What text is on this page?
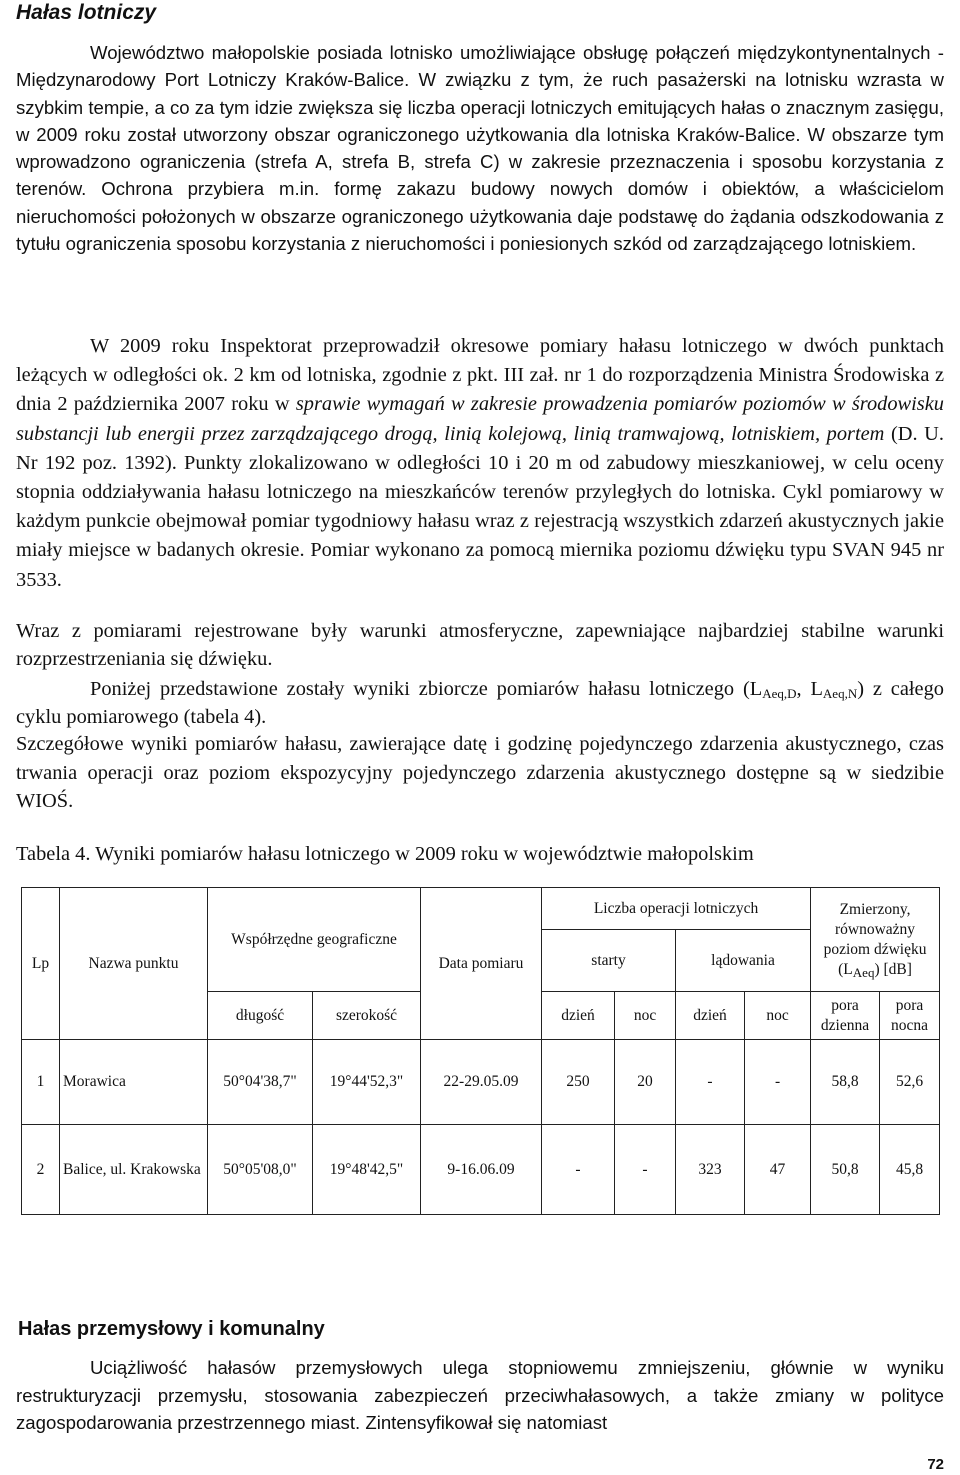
Hałas lotniczy

Województwo małopolskie posiada lotnisko umożliwiające obsługę połączeń międzykontynentalnych - Międzynarodowy Port Lotniczy Kraków-Balice. W związku z tym, że ruch pasażerski na lotnisku wzrasta w szybkim tempie, a co za tym idzie zwiększa się liczba operacji lotniczych emitujących hałas o znacznym zasięgu, w 2009 roku został utworzony obszar ograniczonego użytkowania dla lotniska Kraków-Balice. W obszarze tym wprowadzono ograniczenia (strefa A, strefa B, strefa C) w zakresie przeznaczenia i sposobu korzystania z terenów. Ochrona przybiera m.in. formę zakazu budowy nowych domów i obiektów, a właścicielom nieruchomości położonych w obszarze ograniczonego użytkowania daje podstawę do żądania odszkodowania z tytułu ograniczenia sposobu korzystania z nieruchomości i poniesionych szkód od zarządzającego lotniskiem.

W 2009 roku Inspektorat przeprowadził okresowe pomiary hałasu lotniczego w dwóch punktach leżących w odległości ok. 2 km od lotniska, zgodnie z pkt. III zał. nr 1 do rozporządzenia Ministra Środowiska z dnia 2 października 2007 roku w sprawie wymagań w zakresie prowadzenia pomiarów poziomów w środowisku substancji lub energii przez zarządzającego drogą, linią kolejową, linią tramwajową, lotniskiem, portem (D. U. Nr 192 poz. 1392). Punkty zlokalizowano w odległości 10 i 20 m od zabudowy mieszkaniowej, w celu oceny stopnia oddziaływania hałasu lotniczego na mieszkańców terenów przyległych do lotniska. Cykl pomiarowy w każdym punkcie obejmował pomiar tygodniowy hałasu wraz z rejestracją wszystkich zdarzeń akustycznych jakie miały miejsce w badanych okresie. Pomiar wykonano za pomocą miernika poziomu dźwięku typu SVAN 945 nr 3533.

Wraz z pomiarami rejestrowane były warunki atmosferyczne, zapewniające najbardziej stabilne warunki rozprzestrzeniania się dźwięku.

Poniżej przedstawione zostały wyniki zbiorcze pomiarów hałasu lotniczego ($L_{Aeq,D}$, $L_{Aeq,N}$) z całego cyklu pomiarowego (tabela 4).

Szczegółowe wyniki pomiarów hałasu, zawierające datę i godzinę pojedynczego zdarzenia akustycznego, czas trwania operacji oraz poziom ekspozycyjny pojedynczego zdarzenia akustycznego dostępne są w siedzibie WIOŚ.

Tabela 4. Wyniki pomiarów hałasu lotniczego w 2009 roku w województwie małopolskim

Lp	Nazwa punktu	Współrzędne geograficzne		Data pomiaru	Liczba operacji lotniczych				Zmierzony, równoważny poziom dźwięku $(L_{Aeq})$ [dB]	
					starty		lądowania			
		długość	szerokość		dzień	noc	dzień	noc	pora dzienna	pora nocna
1	Morawica	50°04'38,7"	19°44'52,3"	22-29.05.09	250	20	-	-	58,8	52,6
2	Balice, ul. Krakowska	50°05'08,0"	19°48'42,5"	9-16.06.09	-	-	323	47	50,8	45,8
Hałas przemysłowy i komunalny

Uciążliwość hałasów przemysłowych ulega stopniowemu zmniejszeniu, głównie w wyniku restrukturyzacji przemysłu, stosowania zabezpieczeń przeciwhałasowych, a także zmiany w polityce zagospodarowania przestrzennego miast. Zintensyfikował się natomiast

72
